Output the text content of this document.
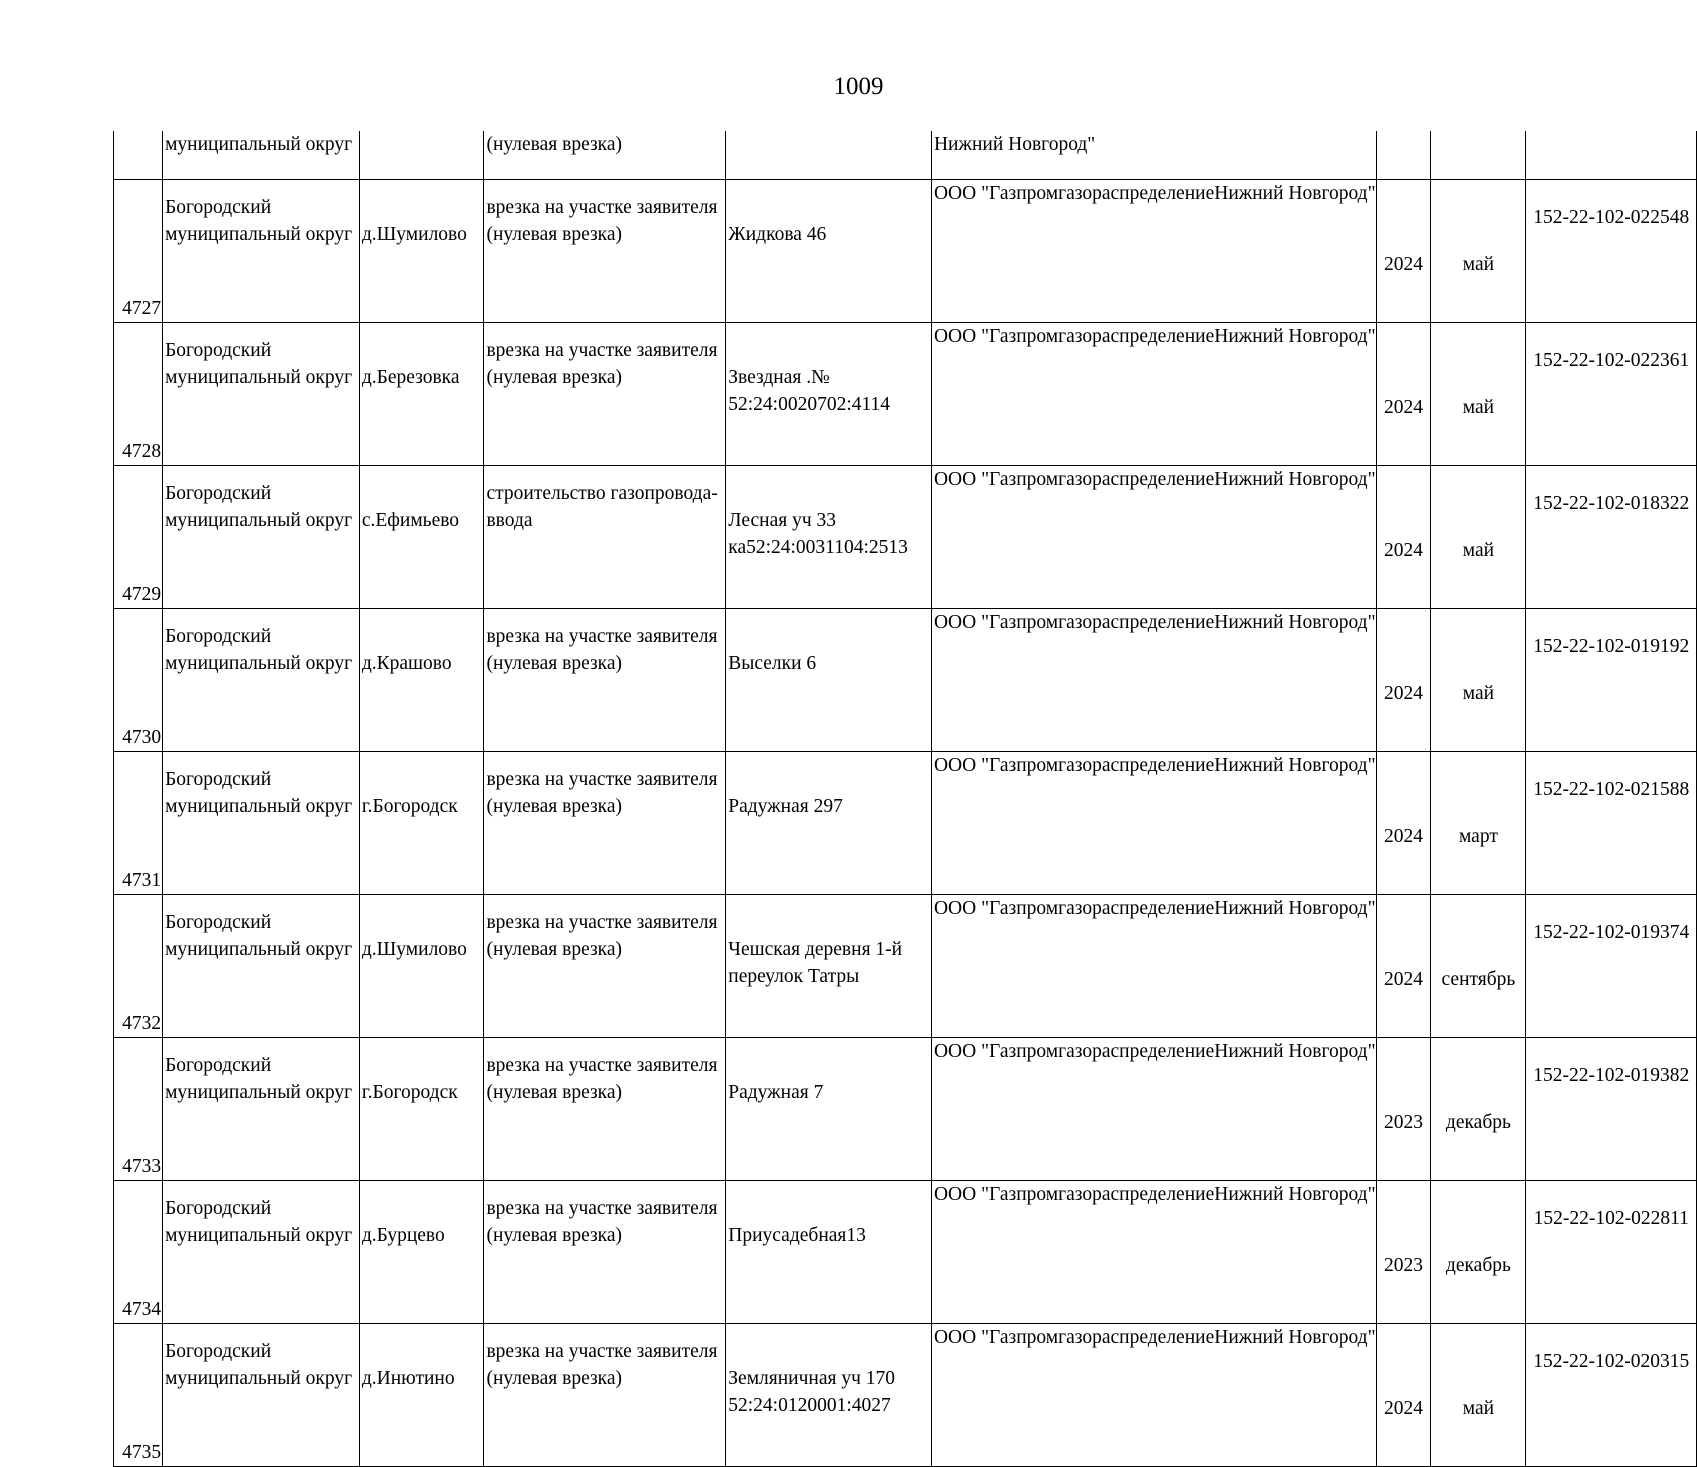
1009
	муниципальный округ		(нулевая врезка)		Нижний Новгород"			
4727	Богородский
муниципальный округ	д.Шумилово	врезка на участке заявителя
(нулевая врезка)	Жидкова 46	ООО "ГазпромгазораспределениеНижний Новгород"	2024	май	152-22-102-022548

4728	Богородский
муниципальный округ	д.Березовка	врезка на участке заявителя
(нулевая врезка)	Звездная .№
52:24:0020702:4114	ООО "ГазпромгазораспределениеНижний Новгород"	2024	май	152-22-102-022361

4729	Богородский
муниципальный округ	с.Ефимьево	строительство газопровода-
ввода	Лесная уч 33
ка52:24:0031104:2513	ООО "ГазпромгазораспределениеНижний Новгород"	2024	май	152-22-102-018322

4730	Богородский
муниципальный округ	д.Крашово	врезка на участке заявителя
(нулевая врезка)	Выселки 6	ООО "ГазпромгазораспределениеНижний Новгород"	2024	май	152-22-102-019192

4731	Богородский
муниципальный округ	г.Богородск	врезка на участке заявителя
(нулевая врезка)	Радужная 297	ООО "ГазпромгазораспределениеНижний Новгород"	2024	март	152-22-102-021588

4732	Богородский
муниципальный округ	д.Шумилово	врезка на участке заявителя
(нулевая врезка)	Чешская деревня 1-й
переулок Татры	ООО "ГазпромгазораспределениеНижний Новгород"	2024	сентябрь	152-22-102-019374

4733	Богородский
муниципальный округ	г.Богородск	врезка на участке заявителя
(нулевая врезка)	Радужная 7	ООО "ГазпромгазораспределениеНижний Новгород"	2023	декабрь	152-22-102-019382

4734	Богородский
муниципальный округ	д.Бурцево	врезка на участке заявителя
(нулевая врезка)	Приусадебная13	ООО "ГазпромгазораспределениеНижний Новгород"	2023	декабрь	152-22-102-022811

4735	Богородский
муниципальный округ	д.Инютино	врезка на участке заявителя
(нулевая врезка)	Земляничная уч 170
52:24:0120001:4027	ООО "ГазпромгазораспределениеНижний Новгород"	2024	май	152-22-102-020315
